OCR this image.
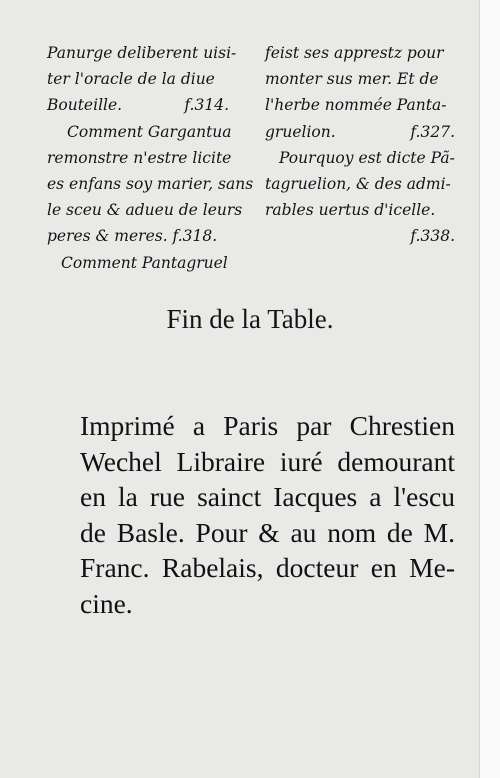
Panurge deliberent uisi-
ter l'oracle de la diue
Bouteille.	f.314.
Comment Gargantua
remonstre n'estre licite
es enfans soy marier, sans
le sceu & adueu de leurs
peres & meres. f.318.
Comment Pantagruel
feist ses apprestz pour
monter sus mer. Et de
l'herbe nommée Panta-
gruelion.	f.327.
Pourquoy est dicte Pã-
tagruelion, & des admi-
rables uertus d'icelle.
f.338.
Fin de la Table.
Imprimé a Paris par Chrestien
Wechel Libraire iuré demourant
en la rue sainct Iacques a l'escu
de Basle. Pour & au nom de M.
Franc. Rabelais, docteur en Me-
cine.
